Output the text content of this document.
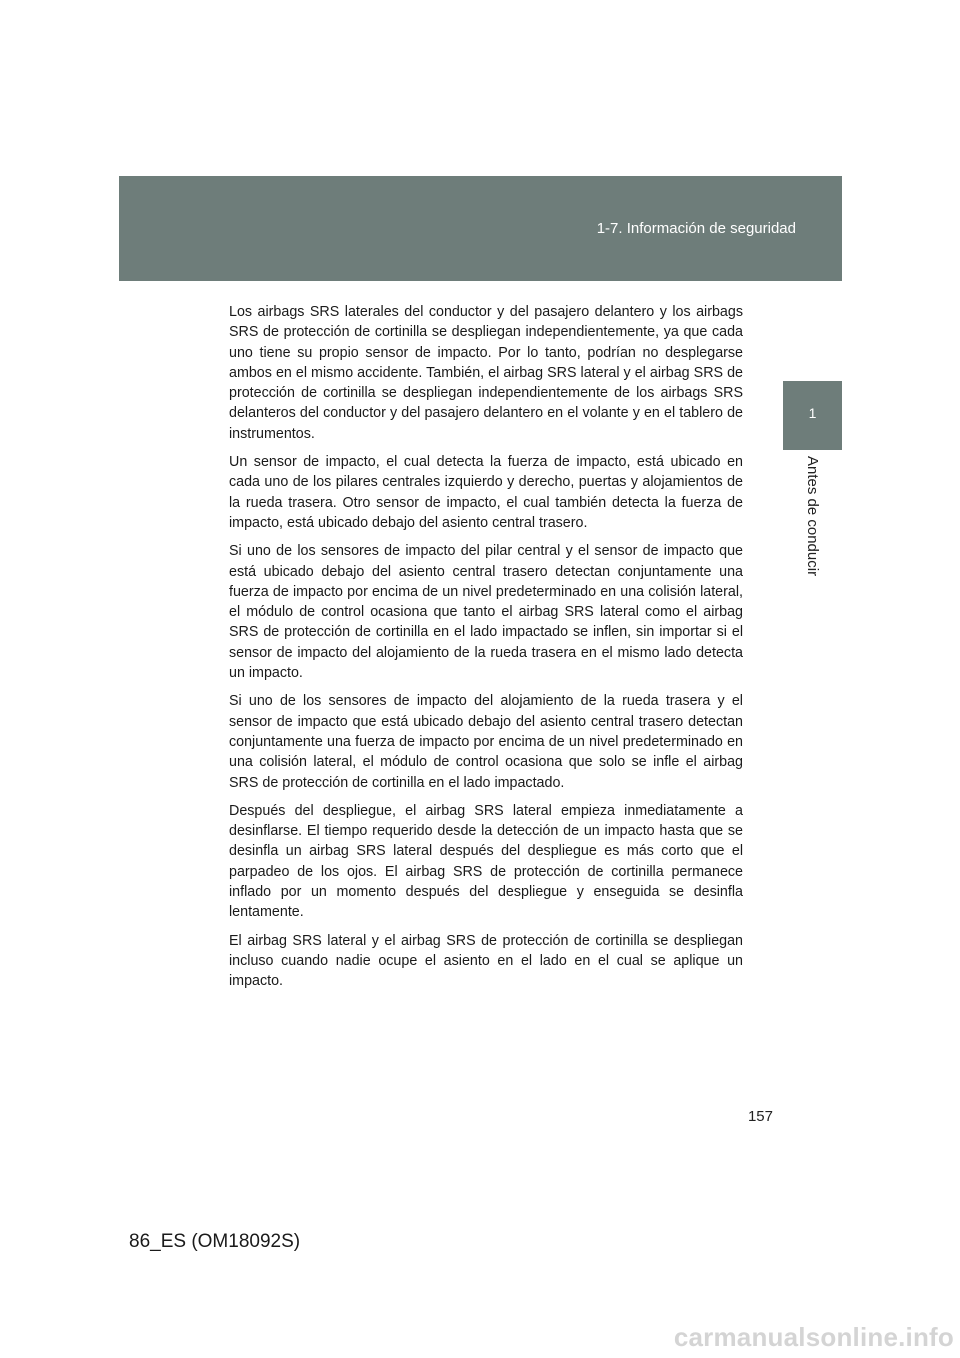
1-7. Información de seguridad
1
Antes de conducir

Los airbags SRS laterales del conductor y del pasajero delantero y los airbags SRS de protección de cortinilla se despliegan independientemente, ya que cada uno tiene su propio sensor de impacto. Por lo tanto, podrían no desplegarse ambos en el mismo accidente. También, el airbag SRS lateral y el airbag SRS de protección de cortinilla se despliegan independientemente de los airbags SRS delanteros del conductor y del pasajero delantero en el volante y en el tablero de instrumentos.

Un sensor de impacto, el cual detecta la fuerza de impacto, está ubicado en cada uno de los pilares centrales izquierdo y derecho, puertas y alojamientos de la rueda trasera. Otro sensor de impacto, el cual también detecta la fuerza de impacto, está ubicado debajo del asiento central trasero.

Si uno de los sensores de impacto del pilar central y el sensor de impacto que está ubicado debajo del asiento central trasero detectan conjuntamente una fuerza de impacto por encima de un nivel predeterminado en una colisión lateral, el módulo de control ocasiona que tanto el airbag SRS lateral como el airbag SRS de protección de cortinilla en el lado impactado se inflen, sin importar si el sensor de impacto del alojamiento de la rueda trasera en el mismo lado detecta un impacto.

Si uno de los sensores de impacto del alojamiento de la rueda trasera y el sensor de impacto que está ubicado debajo del asiento central trasero detectan conjuntamente una fuerza de impacto por encima de un nivel predeterminado en una colisión lateral, el módulo de control ocasiona que solo se infle el airbag SRS de protección de cortinilla en el lado impactado.

Después del despliegue, el airbag SRS lateral empieza inmediatamente a desinflarse. El tiempo requerido desde la detección de un impacto hasta que se desinfla un airbag SRS lateral después del despliegue es más corto que el parpadeo de los ojos. El airbag SRS de protección de cortinilla permanece inflado por un momento después del despliegue y enseguida se desinfla lentamente.

El airbag SRS lateral y el airbag SRS de protección de cortinilla se despliegan incluso cuando nadie ocupe el asiento en el lado en el cual se aplique un impacto.

157
86_ES (OM18092S)
carmanualsonline.info
